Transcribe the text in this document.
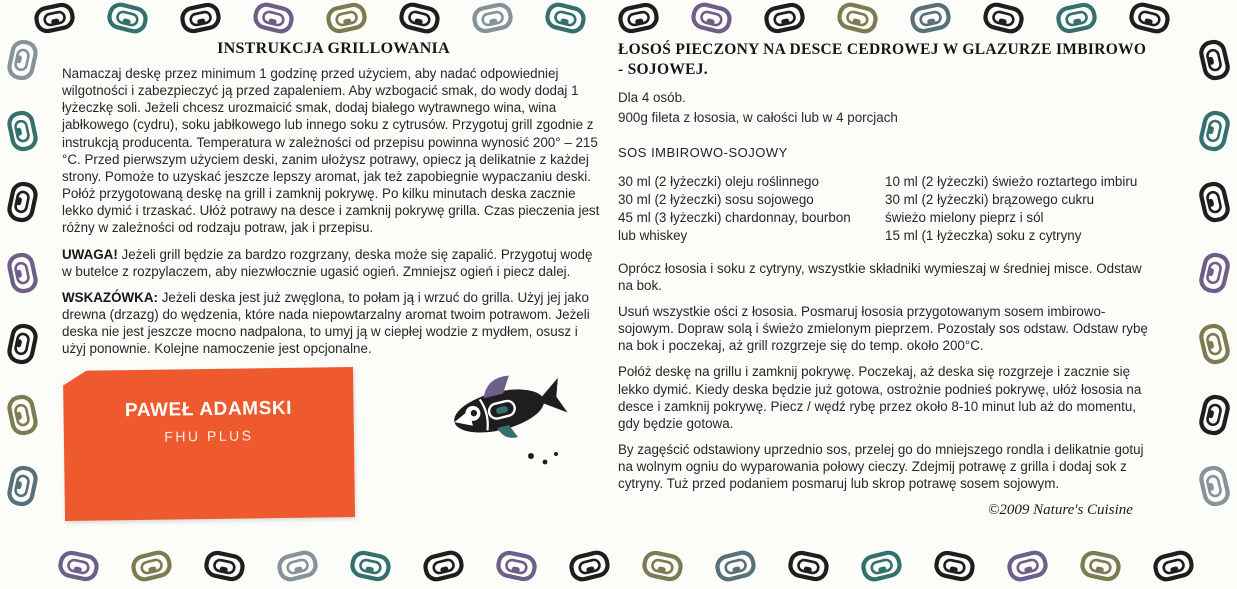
INSTRUKCJA GRILLOWANIA

Namaczaj deskę przez minimum 1 godzinę przed użyciem, aby nadać odpowiedniej wilgotności i zabezpieczyć ją przed zapaleniem. Aby wzbogacić smak, do wody dodaj 1 łyżeczkę soli. Jeżeli chcesz urozmaicić smak, dodaj białego wytrawnego wina, wina jabłkowego (cydru), soku jabłkowego lub innego soku z cytrusów. Przygotuj grill zgodnie z instrukcją producenta. Temperatura w zależności od przepisu powinna wynosić 200° – 215 °C. Przed pierwszym użyciem deski, zanim ułożysz potrawy, opiecz ją delikatnie z każdej strony. Pomoże to uzyskać jeszcze lepszy aromat, jak też zapobiegnie wypaczaniu deski. Połóż przygotowaną deskę na grill i zamknij pokrywę. Po kilku minutach deska zacznie lekko dymić i trzaskać. Ułóż potrawy na desce i zamknij pokrywę grilla. Czas pieczenia jest różny w zależności od rodzaju potraw, jak i przepisu.

UWAGA! Jeżeli grill będzie za bardzo rozgrzany, deska może się zapalić. Przygotuj wodę w butelce z rozpylaczem, aby niezwłocznie ugasić ogień. Zmniejsz ogień i piecz dalej.

WSKAZÓWKA: Jeżeli deska jest już zwęglona, to połam ją i wrzuć do grilla. Użyj jej jako drewna (drzazg) do wędzenia, które nada niepowtarzalny aromat twoim potrawom. Jeżeli deska nie jest jeszcze mocno nadpalona, to umyj ją w ciepłej wodzie z mydłem, osusz i użyj ponownie. Kolejne namoczenie jest opcjonalne.

PAWEŁ ADAMSKI
FHU PLUS
ŁOSOŚ PIECZONY NA DESCE CEDROWEJ W GLAZURZE IMBIROWO - SOJOWEJ.

Dla 4 osób.

900g fileta z łososia, w całości lub w 4 porcjach

SOS IMBIROWO-SOJOWY

30 ml (2 łyżeczki) oleju roślinnego

30 ml (2 łyżeczki) sosu sojowego

45 ml (3 łyżeczki) chardonnay, bourbon

lub whiskey

10 ml (2 łyżeczki) świeżo roztartego imbiru

30 ml (2 łyżeczki) brązowego cukru

świeżo mielony pieprz i sól

15 ml (1 łyżeczka) soku z cytryny

Oprócz łososia i soku z cytryny, wszystkie składniki wymieszaj w średniej misce. Odstaw na bok.

Usuń wszystkie ości z łososia. Posmaruj łososia przygotowanym sosem imbirowo-sojowym. Dopraw solą i świeżo zmielonym pieprzem. Pozostały sos odstaw. Odstaw rybę na bok i poczekaj, aż grill rozgrzeje się do temp. około 200°C.

Połóż deskę na grillu i zamknij pokrywę. Poczekaj, aż deska się rozgrzeje i zacznie się lekko dymić. Kiedy deska będzie już gotowa, ostrożnie podnieś pokrywę, ułóż łososia na desce i zamknij pokrywę. Piecz / wędź rybę przez około 8-10 minut lub aż do momentu, gdy będzie gotowa.

By zagęścić odstawiony uprzednio sos, przelej go do mniejszego rondla i delikatnie gotuj na wolnym ogniu do wyparowania połowy cieczy. Zdejmij potrawę z grilla i dodaj sok z cytryny. Tuż przed podaniem posmaruj lub skrop potrawę sosem sojowym.

©2009 Nature's Cuisine
